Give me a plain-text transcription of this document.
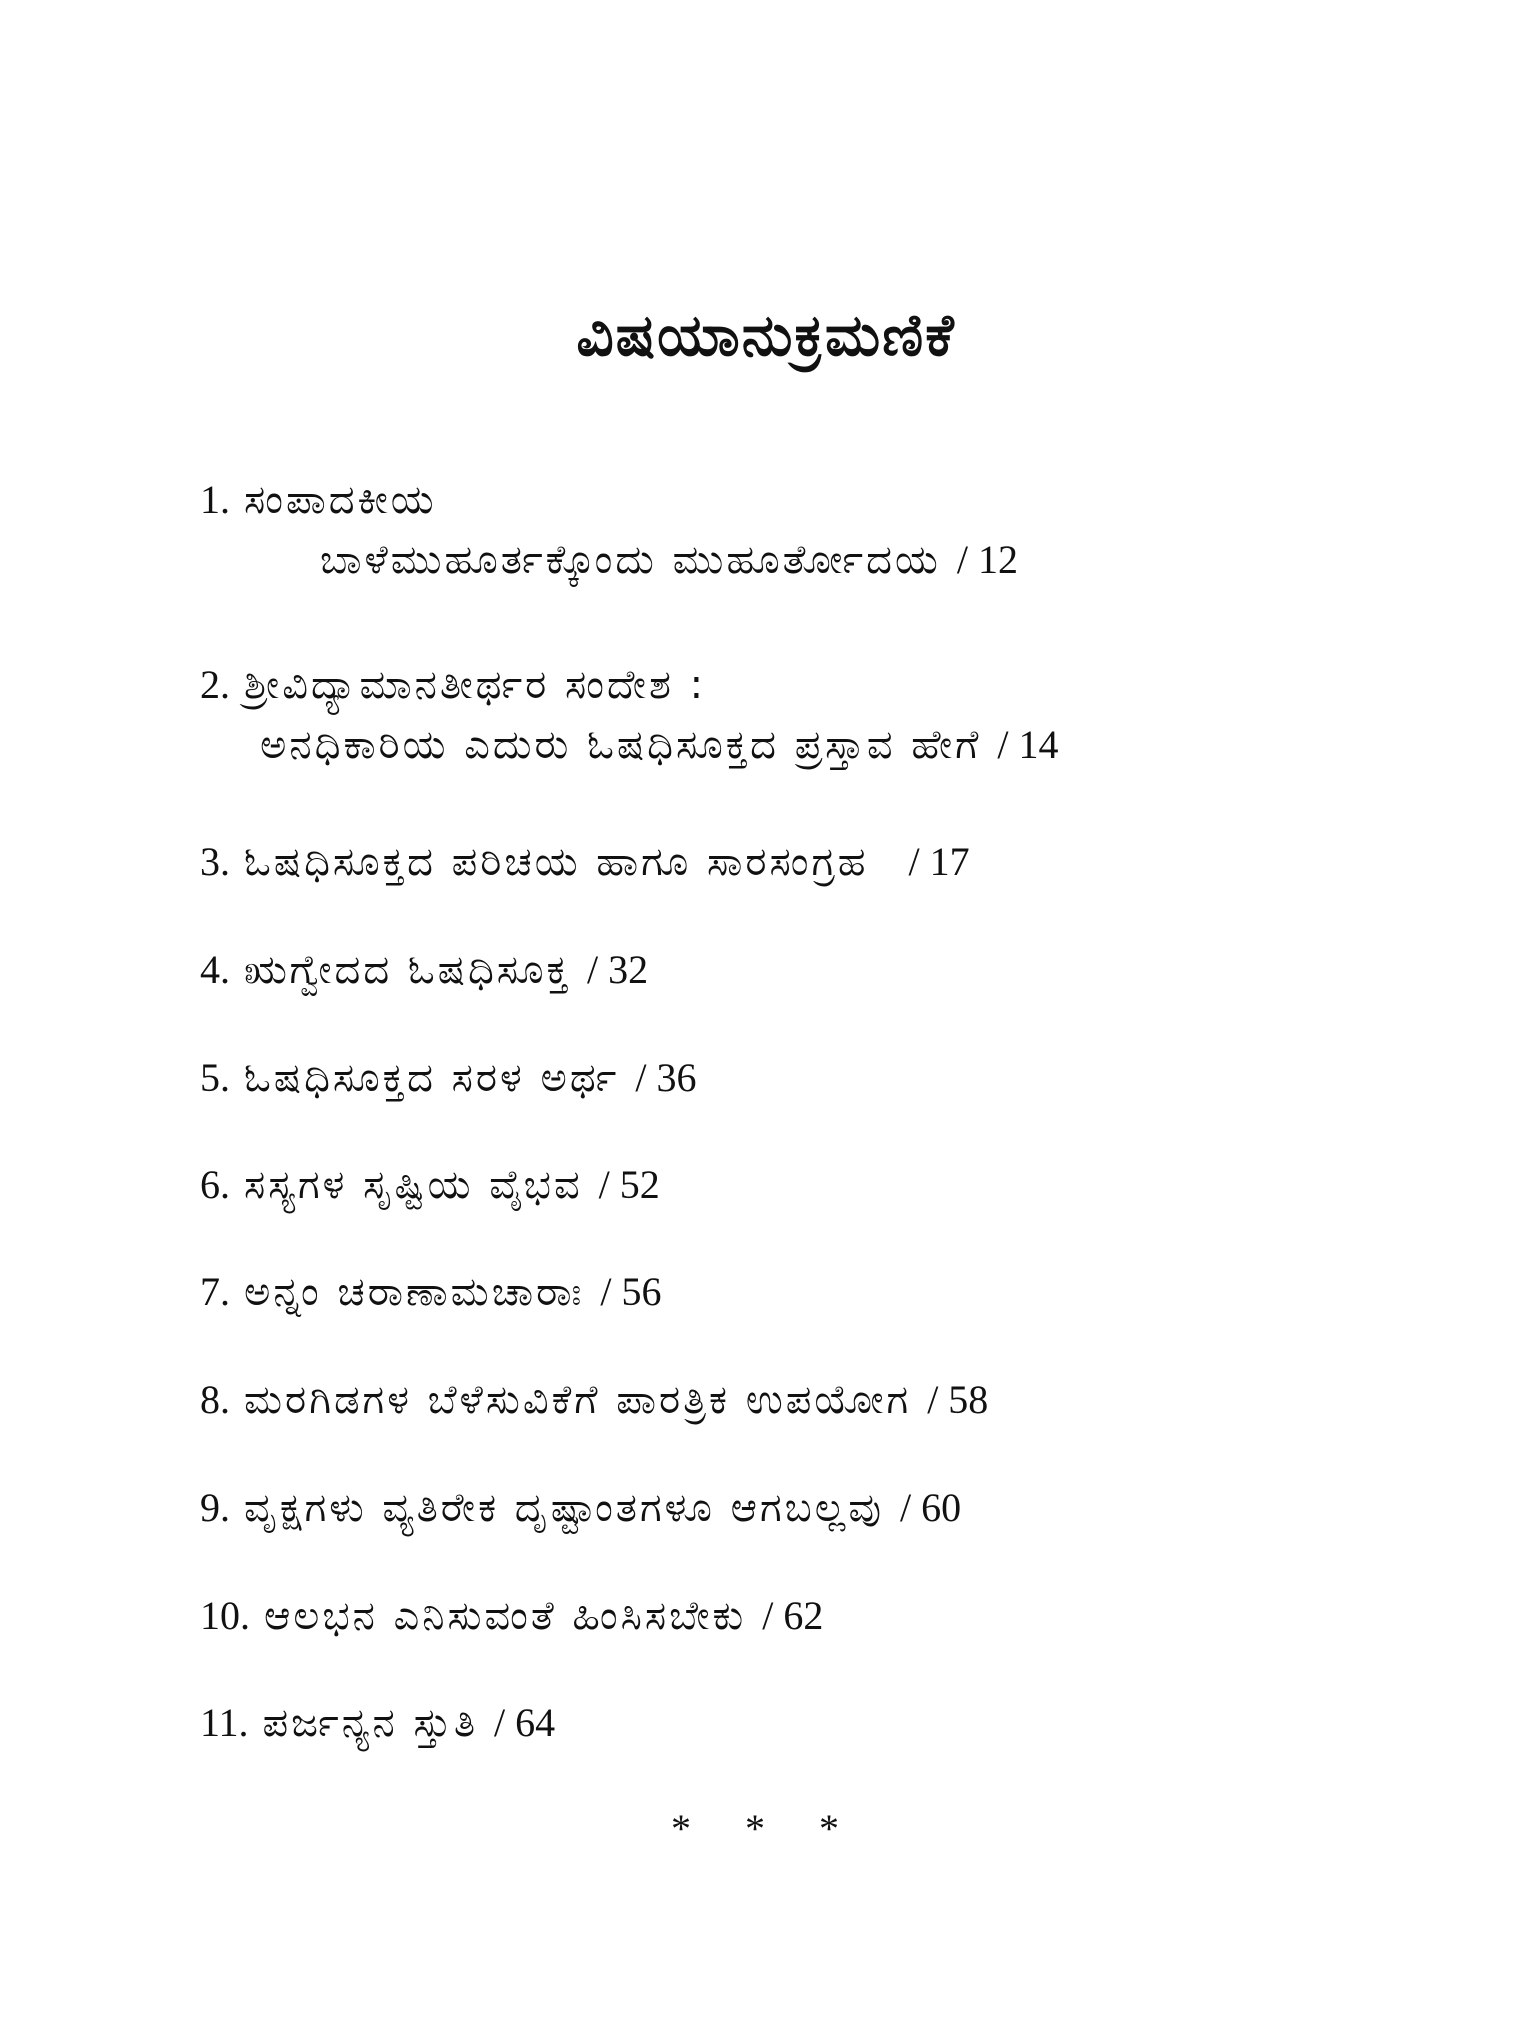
ವಿಷಯಾನುಕ್ರಮಣಿಕೆ
1. ಸಂಪಾದಕೀಯ
ಬಾಳೆಮುಹೂರ್ತಕ್ಕೊಂದು ಮುಹೂರ್ತೋದಯ / 12
2. ಶ್ರೀವಿದ್ಯಾಮಾನತೀರ್ಥರ ಸಂದೇಶ :
ಅನಧಿಕಾರಿಯ ಎದುರು ಓಷಧಿಸೂಕ್ತದ ಪ್ರಸ್ತಾವ ಹೇಗೆ / 14
3. ಓಷಧಿಸೂಕ್ತದ ಪರಿಚಯ ಹಾಗೂ ಸಾರಸಂಗ್ರಹ / 17
4. ಋಗ್ವೇದದ ಓಷಧಿಸೂಕ್ತ / 32
5. ಓಷಧಿಸೂಕ್ತದ ಸರಳ ಅರ್ಥ / 36
6. ಸಸ್ಯಗಳ ಸೃಷ್ಟಿಯ ವೈಭವ / 52
7. ಅನ್ನಂ ಚರಾಣಾಮಚಾರಾಃ / 56
8. ಮರಗಿಡಗಳ ಬೆಳೆಸುವಿಕೆಗೆ ಪಾರತ್ರಿಕ ಉಪಯೋಗ / 58
9. ವೃಕ್ಷಗಳು ವ್ಯತಿರೇಕ ದೃಷ್ಟಾಂತಗಳೂ ಆಗಬಲ್ಲವು / 60
10. ಆಲಭನ ಎನಿಸುವಂತೆ ಹಿಂಸಿಸಬೇಕು / 62
11. ಪರ್ಜನ್ಯನ ಸ್ತುತಿ / 64
* * *
